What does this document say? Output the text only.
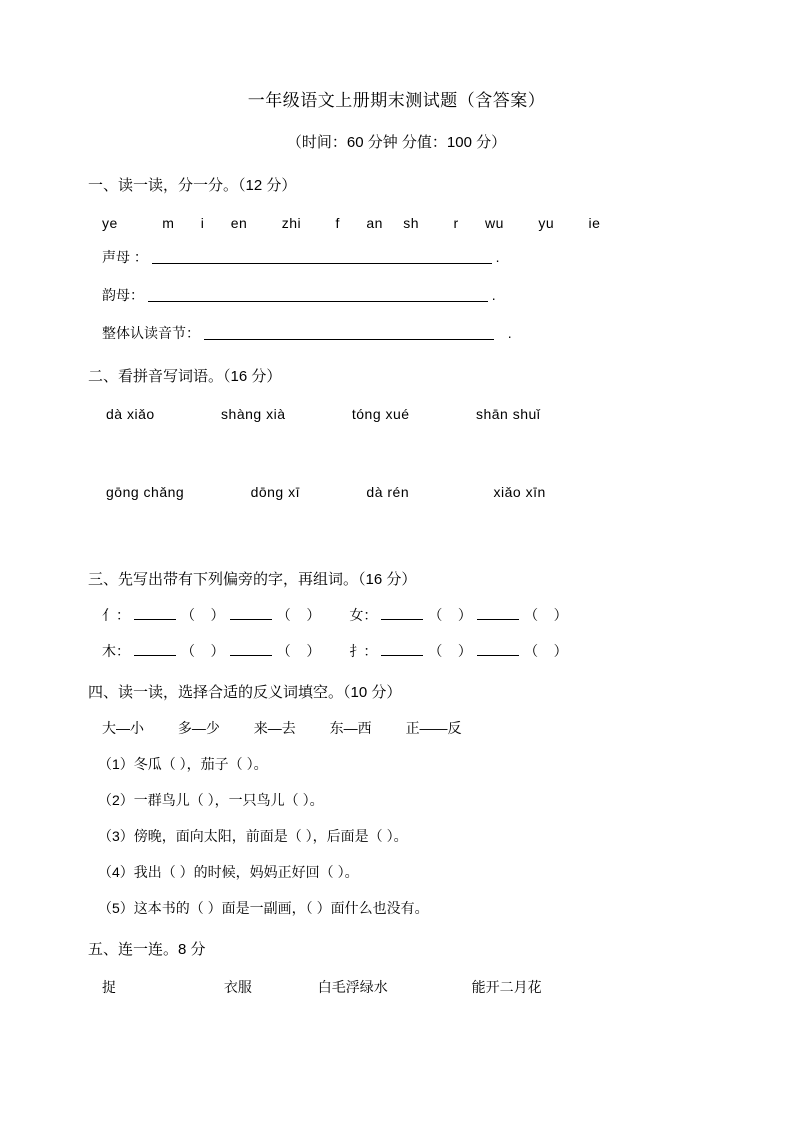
一年级语文上册期末测试题（含答案）
（时间：60 分钟 分值：100 分）
一、读一读，分一分。（12 分）
ye	m i en zhi f an sh r wu yu ie
声母 ：	.
韵母：	.
整体认读音节：	.
二、看拼音写词语。（16 分）
dà xiǎo	shàng xià	tóng xué	shān shuǐ
gōng chǎng	dōng xī	dà rén	xiǎo xīn
三、先写出带有下列偏旁的字，再组词。（16 分）
亻：	（    ）	（    ） 女：	（    ）	（    ）
木：	（    ）	（    ） 扌：	（    ）	（    ）
四、读一读，选择合适的反义词填空。（10 分）
大—小 多—少 来—去 东—西 正——反
（1）冬瓜（ ），茄子（ ）。
（2）一群鸟儿（ ），一只鸟儿（ ）。
（3）傍晚，面向太阳，前面是（ ），后面是（ ）。
（4）我出（ ）的时候，妈妈正好回（ ）。
（5）这本书的（ ）面是一副画，（ ）面什么也没有。
五、连一连。8 分
捉	衣服	白毛浮绿水	能开二月花
